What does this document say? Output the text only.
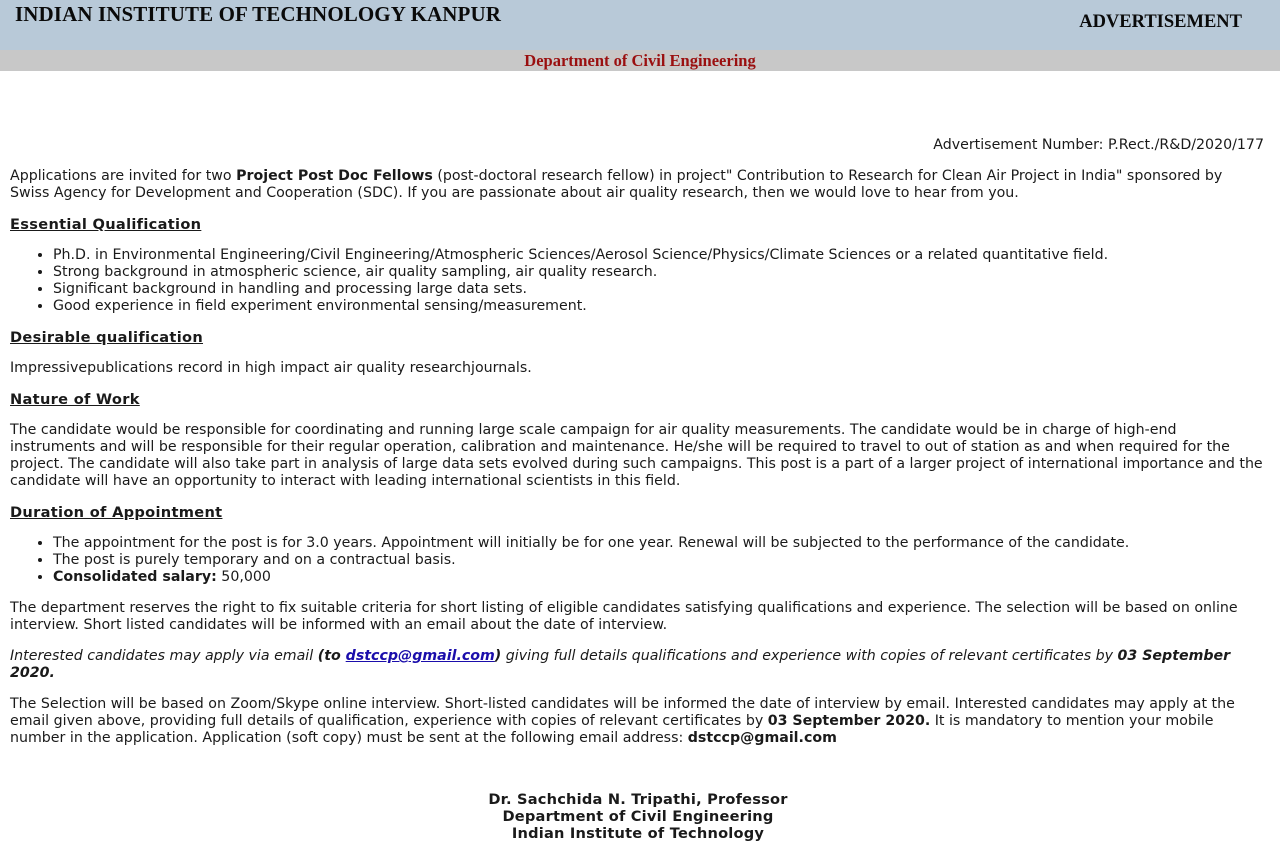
INDIAN INSTITUTE OF TECHNOLOGY KANPUR	ADVERTISEMENT
Department of Civil Engineering
Advertisement Number: P.Rect./R&D/2020/177

Applications are invited for two Project Post Doc Fellows (post-doctoral research fellow) in project" Contribution to Research for Clean Air Project in India" sponsored by Swiss Agency for Development and Cooperation (SDC). If you are passionate about air quality research, then we would love to hear from you.

Essential Qualification
• Ph.D. in Environmental Engineering/Civil Engineering/Atmospheric Sciences/Aerosol Science/Physics/Climate Sciences or a related quantitative field.
• Strong background in atmospheric science, air quality sampling, air quality research.
• Significant background in handling and processing large data sets.
• Good experience in field experiment environmental sensing/measurement.
Desirable qualification

Impressivepublications record in high impact air quality researchjournals.

Nature of Work

The candidate would be responsible for coordinating and running large scale campaign for air quality measurements. The candidate would be in charge of high-end instruments and will be responsible for their regular operation, calibration and maintenance. He/she will be required to travel to out of station as and when required for the project. The candidate will also take part in analysis of large data sets evolved during such campaigns. This post is a part of a larger project of international importance and the candidate will have an opportunity to interact with leading international scientists in this field.

Duration of Appointment
• The appointment for the post is for 3.0 years. Appointment will initially be for one year. Renewal will be subjected to the performance of the candidate.
• The post is purely temporary and on a contractual basis.
• Consolidated salary: 50,000

The department reserves the right to fix suitable criteria for short listing of eligible candidates satisfying qualifications and experience. The selection will be based on online interview. Short listed candidates will be informed with an email about the date of interview.

Interested candidates may apply via email (to dstccp@gmail.com) giving full details qualifications and experience with copies of relevant certificates by 03 September 2020.

The Selection will be based on Zoom/Skype online interview. Short-listed candidates will be informed the date of interview by email. Interested candidates may apply at the email given above, providing full details of qualification, experience with copies of relevant certificates by 03 September 2020. It is mandatory to mention your mobile number in the application. Application (soft copy) must be sent at the following email address: dstccp@gmail.com

Dr. Sachchida N. Tripathi, Professor
Department of Civil Engineering
Indian Institute of Technology
